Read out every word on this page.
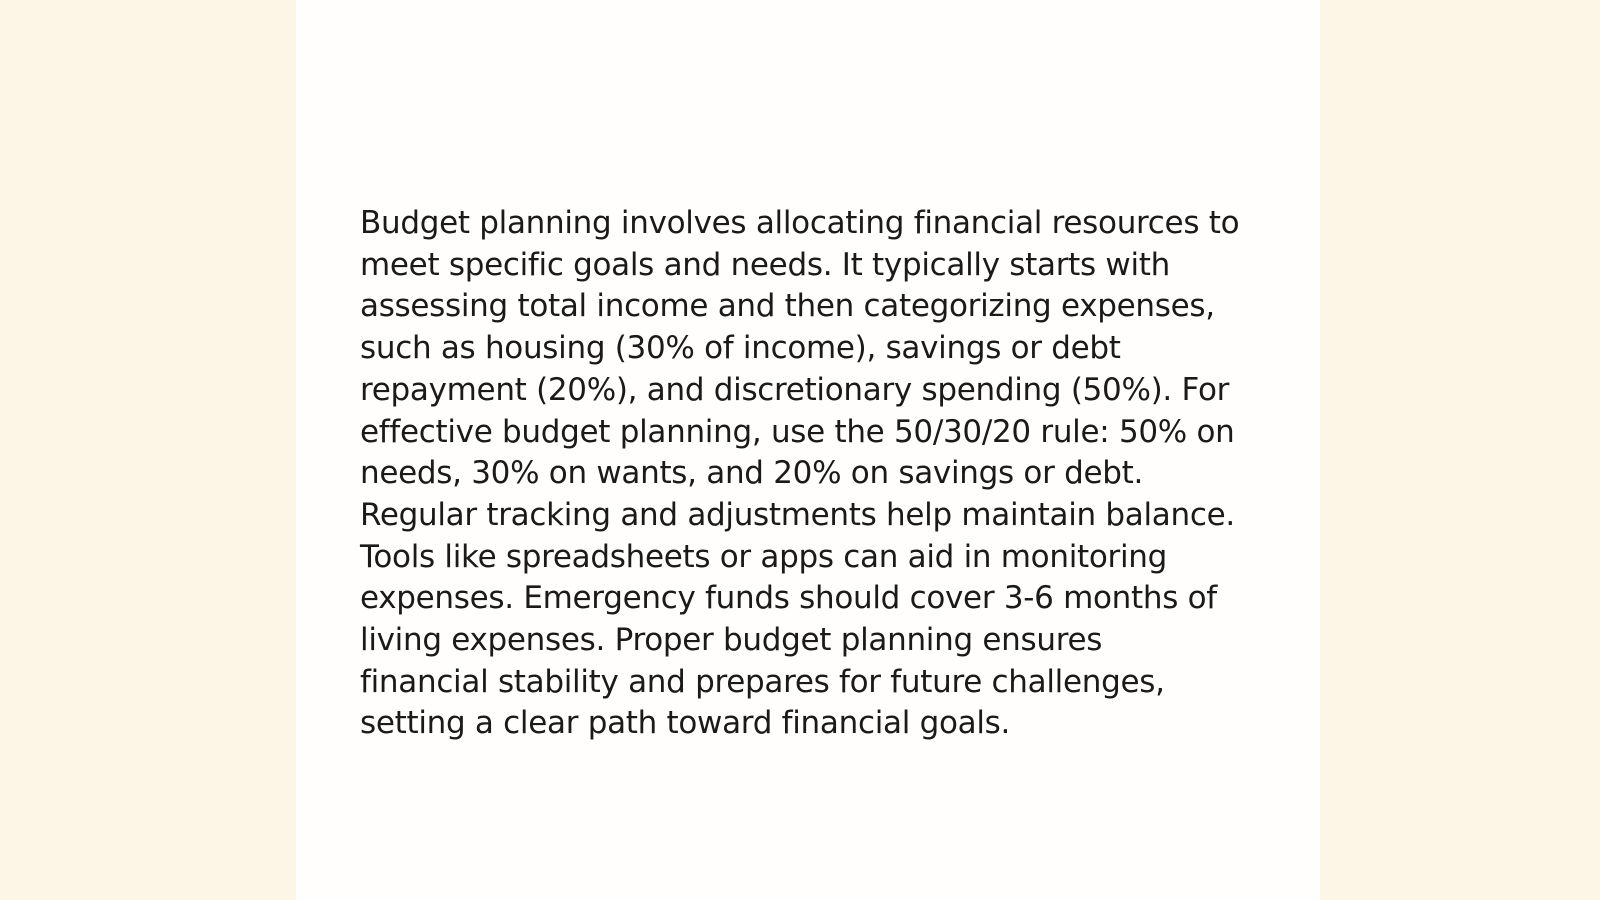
Budget planning involves allocating financial resources to meet specific goals and needs. It typically starts with assessing total income and then categorizing expenses, such as housing (30% of income), savings or debt repayment (20%), and discretionary spending (50%). For effective budget planning, use the 50/30/20 rule: 50% on needs, 30% on wants, and 20% on savings or debt. Regular tracking and adjustments help maintain balance. Tools like spreadsheets or apps can aid in monitoring expenses. Emergency funds should cover 3-6 months of living expenses. Proper budget planning ensures financial stability and prepares for future challenges, setting a clear path toward financial goals.
